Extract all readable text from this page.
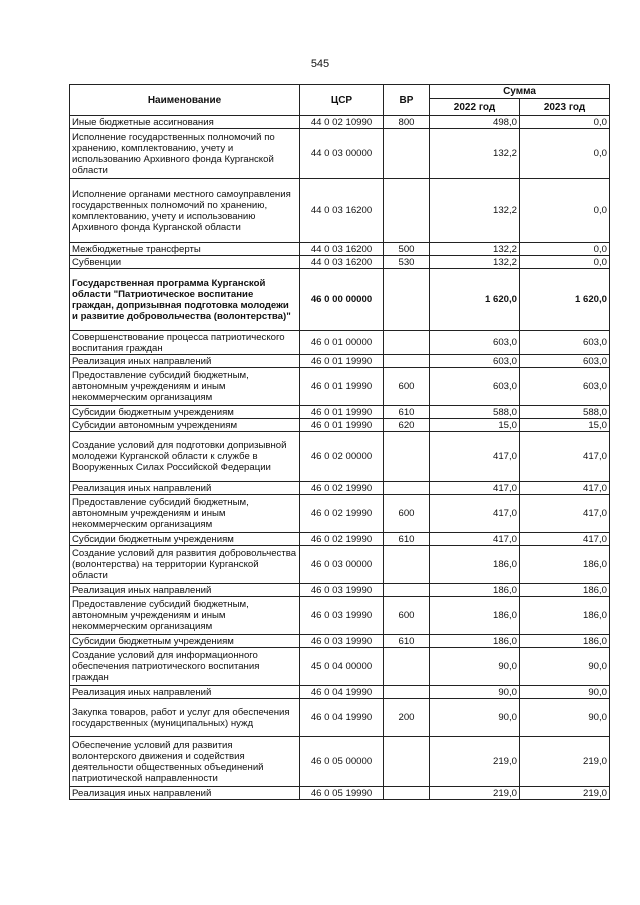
545
Наименование	ЦСР	ВР	Сумма	
			2022 год	2023 год
Иные бюджетные ассигнования	44 0 02 10990	800	498,0	0,0
Исполнение государственных полномочий по хранению, комплектованию, учету и использованию Архивного фонда Курганской области	44 0 03 00000		132,2	0,0
Исполнение органами местного самоуправления государственных полномочий по хранению, комплектованию, учету и использованию Архивного фонда Курганской области	44 0 03 16200		132,2	0,0
Межбюджетные трансферты	44 0 03 16200	500	132,2	0,0
Субвенции	44 0 03 16200	530	132,2	0,0
Государственная программа Курганской области "Патриотическое воспитание граждан, допризывная подготовка молодежи и развитие добровольчества (волонтерства)"	46 0 00 00000		1 620,0	1 620,0
Совершенствование процесса патриотического воспитания граждан	46 0 01 00000		603,0	603,0
Реализация иных направлений	46 0 01 19990		603,0	603,0
Предоставление субсидий бюджетным, автономным учреждениям и иным некоммерческим организациям	46 0 01 19990	600	603,0	603,0
Субсидии бюджетным учреждениям	46 0 01 19990	610	588,0	588,0
Субсидии автономным учреждениям	46 0 01 19990	620	15,0	15,0
Создание условий для подготовки допризывной молодежи Курганской области к службе в Вооруженных Силах Российской Федерации	46 0 02 00000		417,0	417,0
Реализация иных направлений	46 0 02 19990		417,0	417,0
Предоставление субсидий бюджетным, автономным учреждениям и иным некоммерческим организациям	46 0 02 19990	600	417,0	417,0
Субсидии бюджетным учреждениям	46 0 02 19990	610	417,0	417,0
Создание условий для развития добровольчества (волонтерства) на территории Курганской области	46 0 03 00000		186,0	186,0
Реализация иных направлений	46 0 03 19990		186,0	186,0
Предоставление субсидий бюджетным, автономным учреждениям и иным некоммерческим организациям	46 0 03 19990	600	186,0	186,0
Субсидии бюджетным учреждениям	46 0 03 19990	610	186,0	186,0
Создание условий для информационного обеспечения патриотического воспитания граждан	45 0 04 00000		90,0	90,0
Реализация иных направлений	46 0 04 19990		90,0	90,0
Закупка товаров, работ и услуг для обеспечения государственных (муниципальных) нужд	46 0 04 19990	200	90,0	90,0
Обеспечение условий для развития волонтерского движения и содействия деятельности общественных объединений патриотической направленности	46 0 05 00000		219,0	219,0
Реализация иных направлений	46 0 05 19990		219,0	219,0
